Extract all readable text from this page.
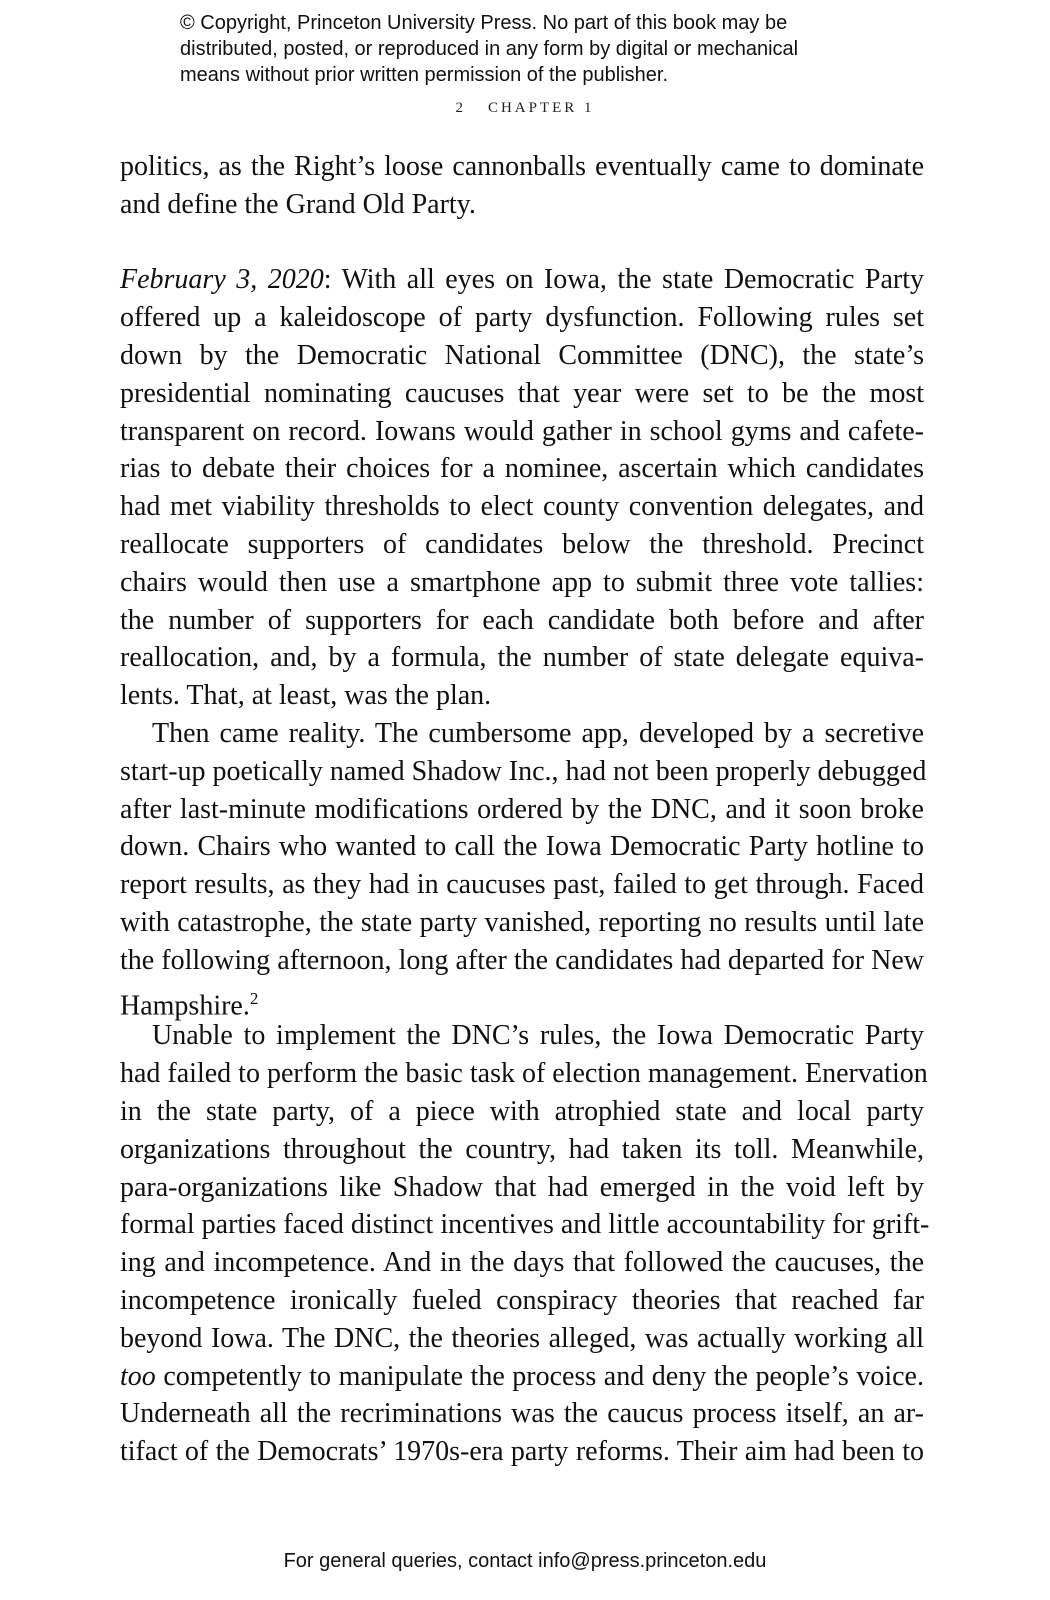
© Copyright, Princeton University Press. No part of this book may be
distributed, posted, or reproduced in any form by digital or mechanical
means without prior written permission of the publisher.
2 CHAPTER 1
politics, as the Right’s loose cannonballs eventually came to dominate
and define the Grand Old Party.
February 3, 2020: With all eyes on Iowa, the state Democratic Party
offered up a kaleidoscope of party dysfunction. Following rules set
down by the Democratic National Committee (DNC), the state’s
presidential nominating caucuses that year were set to be the most
transparent on record. Iowans would gather in school gyms and cafete-
rias to debate their choices for a nominee, ascertain which candidates
had met viability thresholds to elect county convention delegates, and
reallocate supporters of candidates below the threshold. Precinct
chairs would then use a smartphone app to submit three vote tallies:
the number of supporters for each candidate both before and after
reallocation, and, by a formula, the number of state delegate equiva-
lents. That, at least, was the plan.
Then came reality. The cumbersome app, developed by a secretive
start-up poetically named Shadow Inc., had not been properly debugged
after last-minute modifications ordered by the DNC, and it soon broke
down. Chairs who wanted to call the Iowa Democratic Party hotline to
report results, as they had in caucuses past, failed to get through. Faced
with catastrophe, the state party vanished, reporting no results until late
the following afternoon, long after the candidates had departed for New
Hampshire.$^2$
Unable to implement the DNC’s rules, the Iowa Democratic Party
had failed to perform the basic task of election management. Enervation
in the state party, of a piece with atrophied state and local party
organizations throughout the country, had taken its toll. Meanwhile,
para-organizations like Shadow that had emerged in the void left by
formal parties faced distinct incentives and little accountability for grift-
ing and incompetence. And in the days that followed the caucuses, the
incompetence ironically fueled conspiracy theories that reached far
beyond Iowa. The DNC, the theories alleged, was actually working all
too competently to manipulate the process and deny the people’s voice.
Underneath all the recriminations was the caucus process itself, an ar-
tifact of the Democrats’ 1970s-era party reforms. Their aim had been to
For general queries, contact info@press.princeton.edu
